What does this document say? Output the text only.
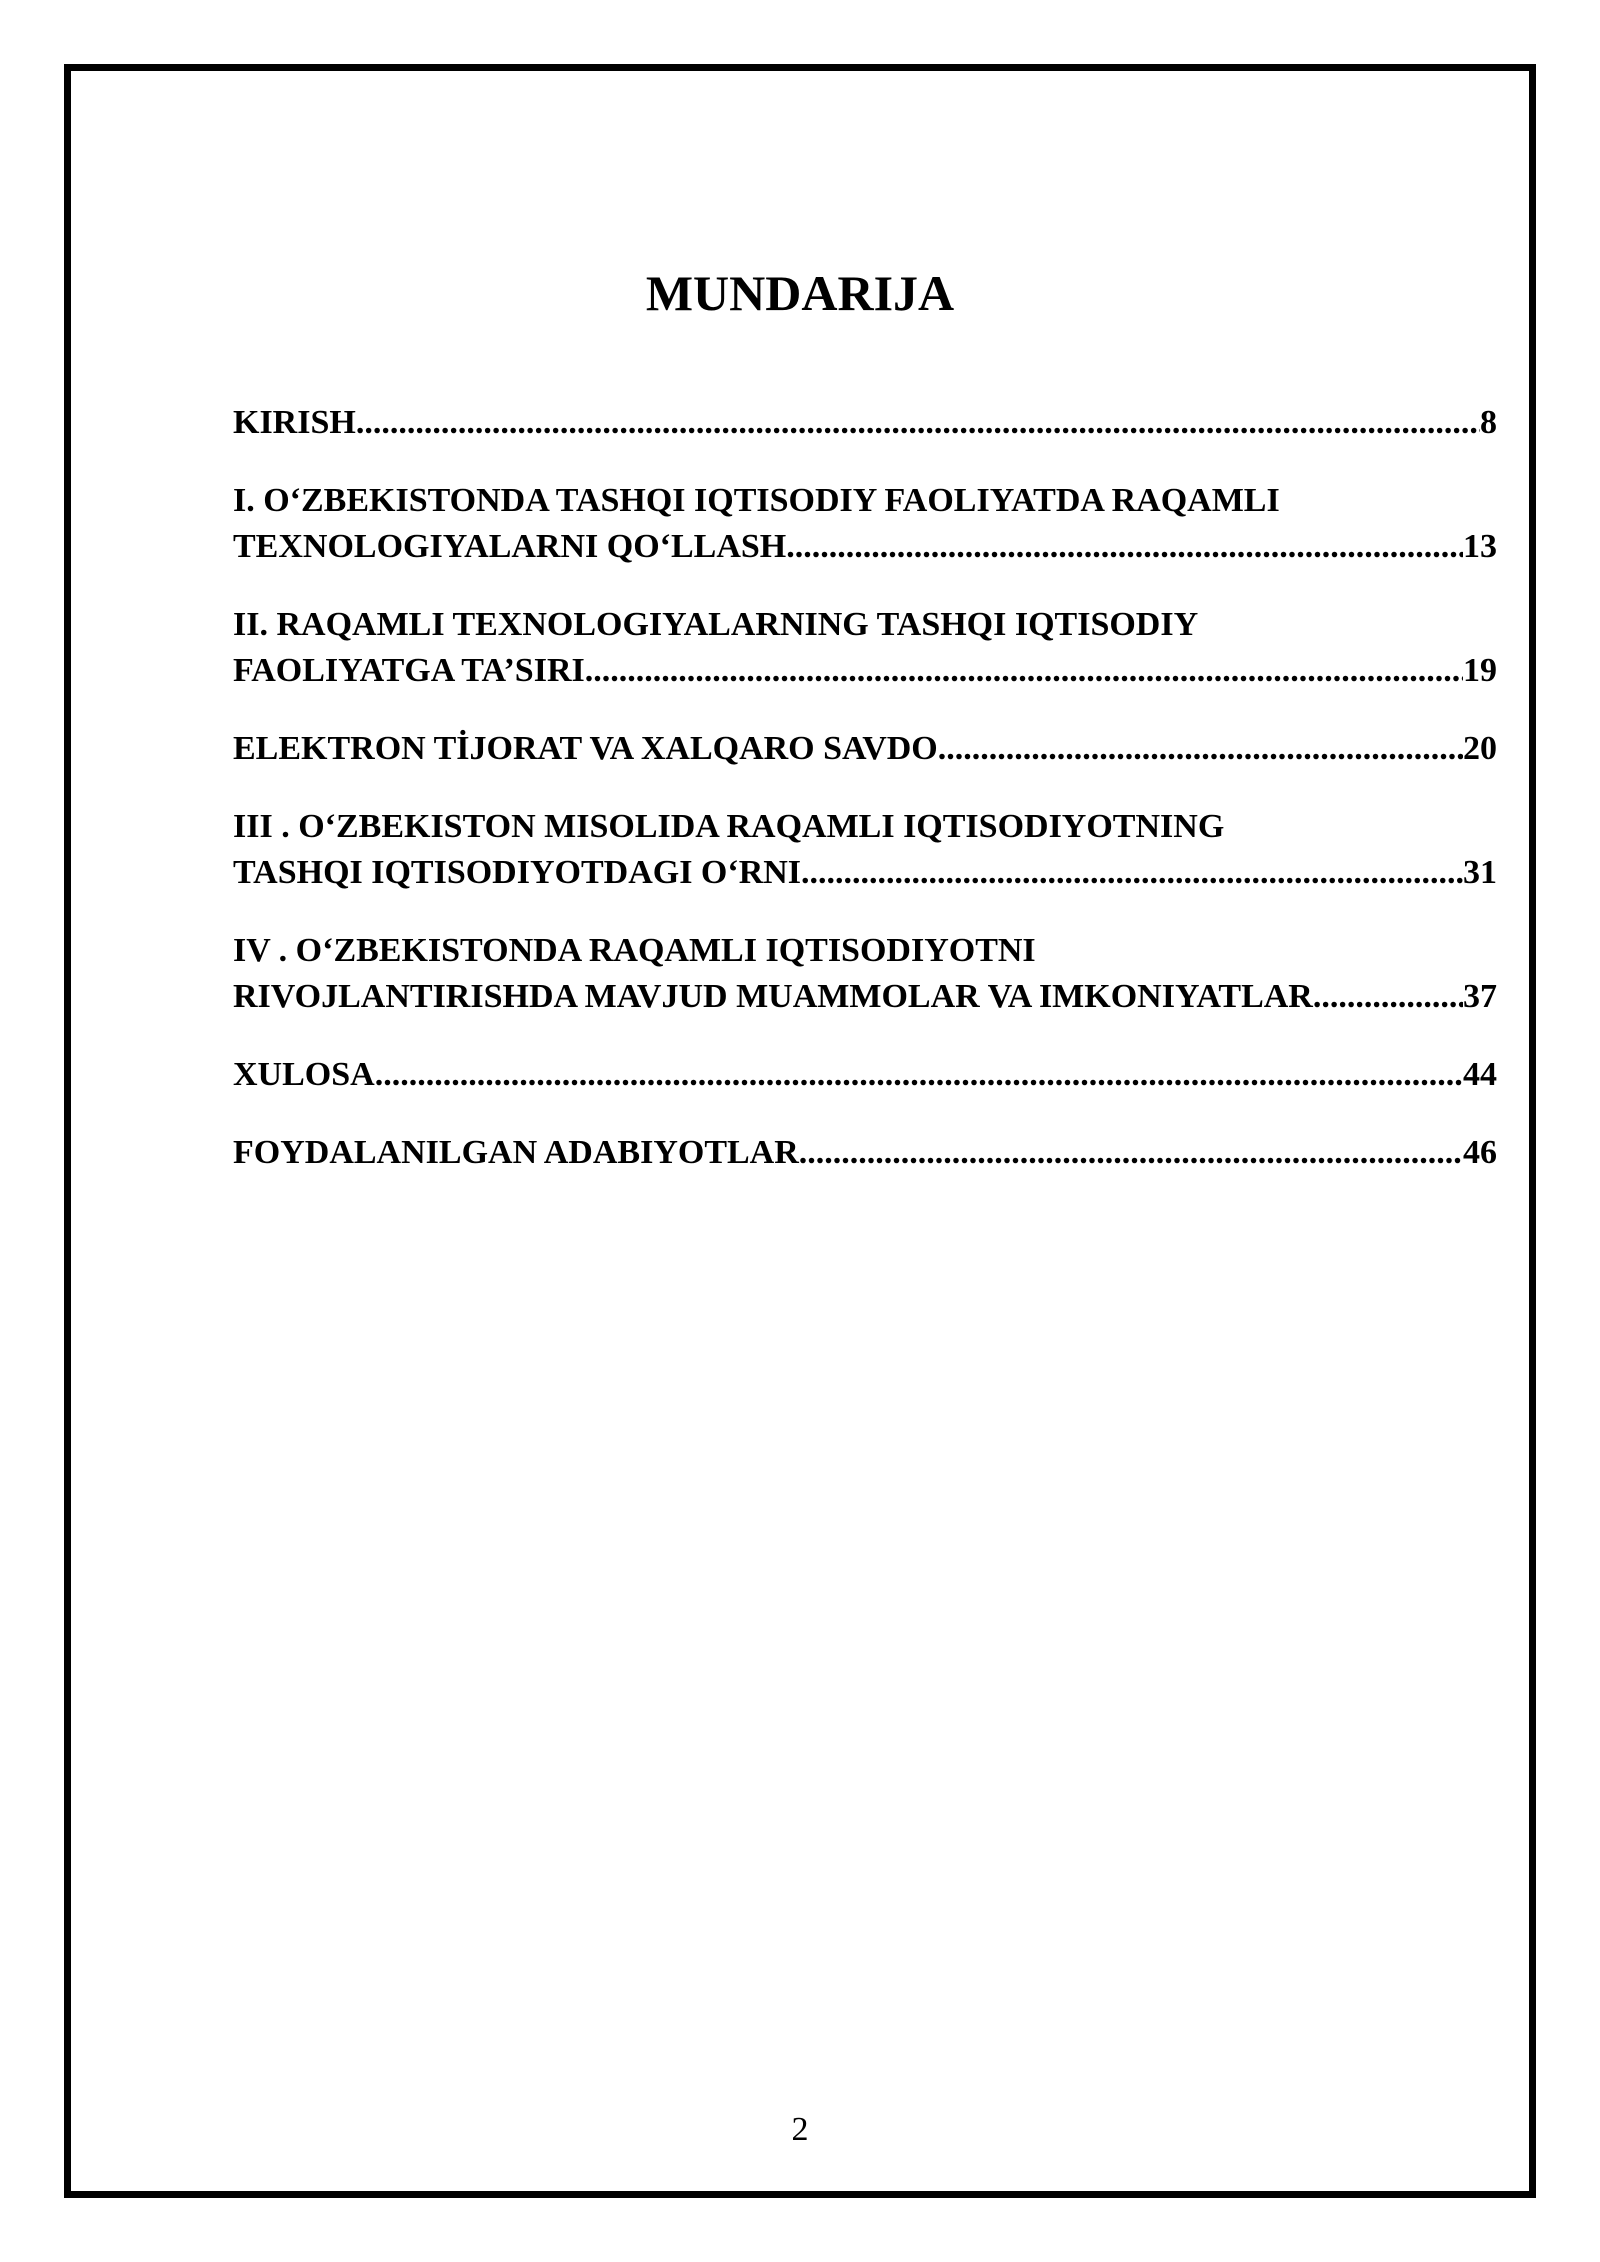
MUNDARIJA
KIRISH .....	8
I. O‘ZBEKISTONDA TASHQI IQTISODIY FAOLIYATDA RAQAMLI
TEXNOLOGIYALARNI QO‘LLASH .....	13
II. RAQAMLI TEXNOLOGIYALARNING TASHQI IQTISODIY
FAOLIYATGA TA’SIRI .....	19
ELEKTRON TİJORAT VA XALQARO SAVDO .....	20
III . O‘ZBEKISTON MISOLIDA RAQAMLI IQTISODIYOTNING
TASHQI IQTISODIYOTDAGI O‘RNI .....	31
IV . O‘ZBEKISTONDA RAQAMLI IQTISODIYOTNI
RIVOJLANTIRISHDA MAVJUD MUAMMOLAR VA IMKONIYATLAR .....	37
XULOSA .....	44
FOYDALANILGAN ADABIYOTLAR .....	46
2
